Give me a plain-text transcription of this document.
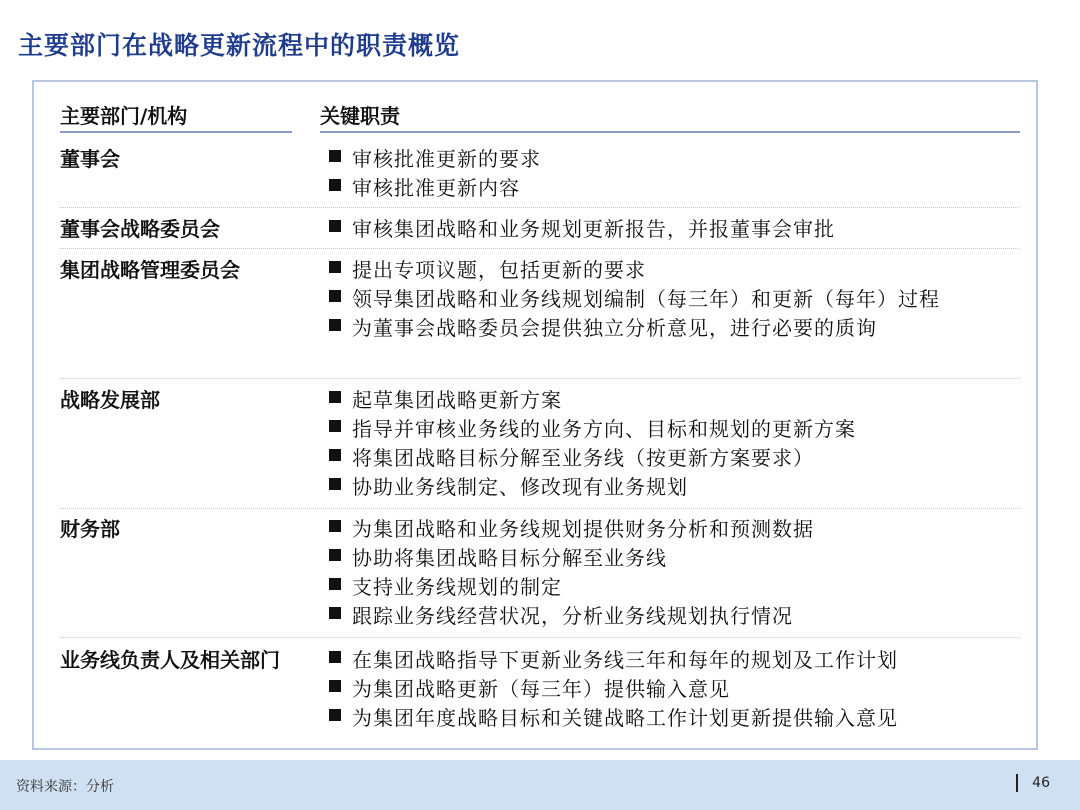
主要部门在战略更新流程中的职责概览
主要部门/机构	关键职责
董事会	审核批准更新的要求
审核批准更新内容
董事会战略委员会	审核集团战略和业务规划更新报告，并报董事会审批
集团战略管理委员会	提出专项议题，包括更新的要求
领导集团战略和业务线规划编制（每三年）和更新（每年）过程
为董事会战略委员会提供独立分析意见，进行必要的质询
战略发展部	起草集团战略更新方案
指导并审核业务线的业务方向、目标和规划的更新方案
将集团战略目标分解至业务线（按更新方案要求）
协助业务线制定、修改现有业务规划
财务部	为集团战略和业务线规划提供财务分析和预测数据
协助将集团战略目标分解至业务线
支持业务线规划的制定
跟踪业务线经营状况，分析业务线规划执行情况
业务线负责人及相关部门	在集团战略指导下更新业务线三年和每年的规划及工作计划
为集团战略更新（每三年）提供输入意见
为集团年度战略目标和关键战略工作计划更新提供输入意见
资料来源：分析	46
